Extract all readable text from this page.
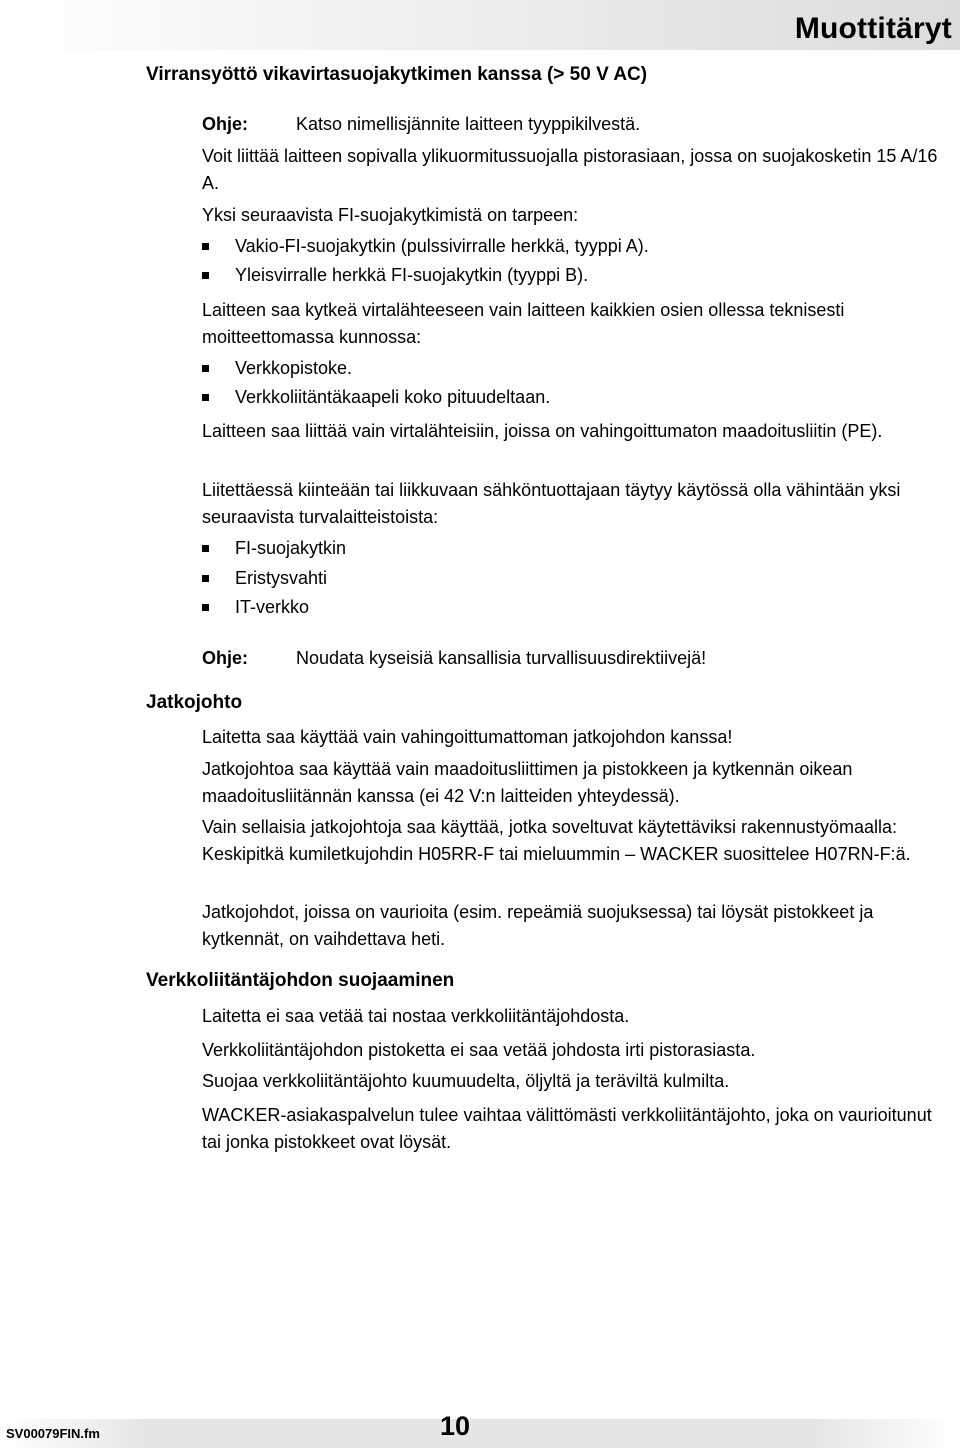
Muottitäryt
Virransyöttö vikavirtasuojakytkimen kanssa (> 50 V AC)
Ohje:	Katso nimellisjännite laitteen tyyppikilvestä.

Voit liittää laitteen sopivalla ylikuormitussuojalla pistorasiaan, jossa on suojakosketin 15 A/16 A.

Yksi seuraavista FI-suojakytkimistä on tarpeen:

Vakio-FI-suojakytkin (pulssivirralle herkkä, tyyppi A).
Yleisvirralle herkkä FI-suojakytkin (tyyppi B).

Laitteen saa kytkeä virtalähteeseen vain laitteen kaikkien osien ollessa teknisesti moitteettomassa kunnossa:

Verkkopistoke.
Verkkoliitäntäkaapeli koko pituudeltaan.

Laitteen saa liittää vain virtalähteisiin, joissa on vahingoittumaton maadoitusliitin (PE).

Liitettäessä kiinteään tai liikkuvaan sähköntuottajaan täytyy käytössä olla vähintään yksi seuraavista turvalaitteistoista:

FI-suojakytkin
Eristysvahti
IT-verkko
Ohje:	Noudata kyseisiä kansallisia turvallisuusdirektiivejä!
Jatkojohto

Laitetta saa käyttää vain vahingoittumattoman jatkojohdon kanssa!

Jatkojohtoa saa käyttää vain maadoitusliittimen ja pistokkeen ja kytkennän oikean maadoitusliitännän kanssa (ei 42 V:n laitteiden yhteydessä).

Vain sellaisia jatkojohtoja saa käyttää, jotka soveltuvat käytettäviksi rakennustyömaalla: Keskipitkä kumiletkujohdin H05RR-F tai mieluummin – WACKER suosittelee H07RN-F:ä.

Jatkojohdot, joissa on vaurioita (esim. repeämiä suojuksessa) tai löysät pistokkeet ja kytkennät, on vaihdettava heti.

Verkkoliitäntäjohdon suojaaminen

Laitetta ei saa vetää tai nostaa verkkoliitäntäjohdosta.

Verkkoliitäntäjohdon pistoketta ei saa vetää johdosta irti pistorasiasta.

Suojaa verkkoliitäntäjohto kuumuudelta, öljyltä ja teräviltä kulmilta.

WACKER-asiakaspalvelun tulee vaihtaa välittömästi verkkoliitäntäjohto, joka on vaurioitunut tai jonka pistokkeet ovat löysät.

SV00079FIN.fm	10
